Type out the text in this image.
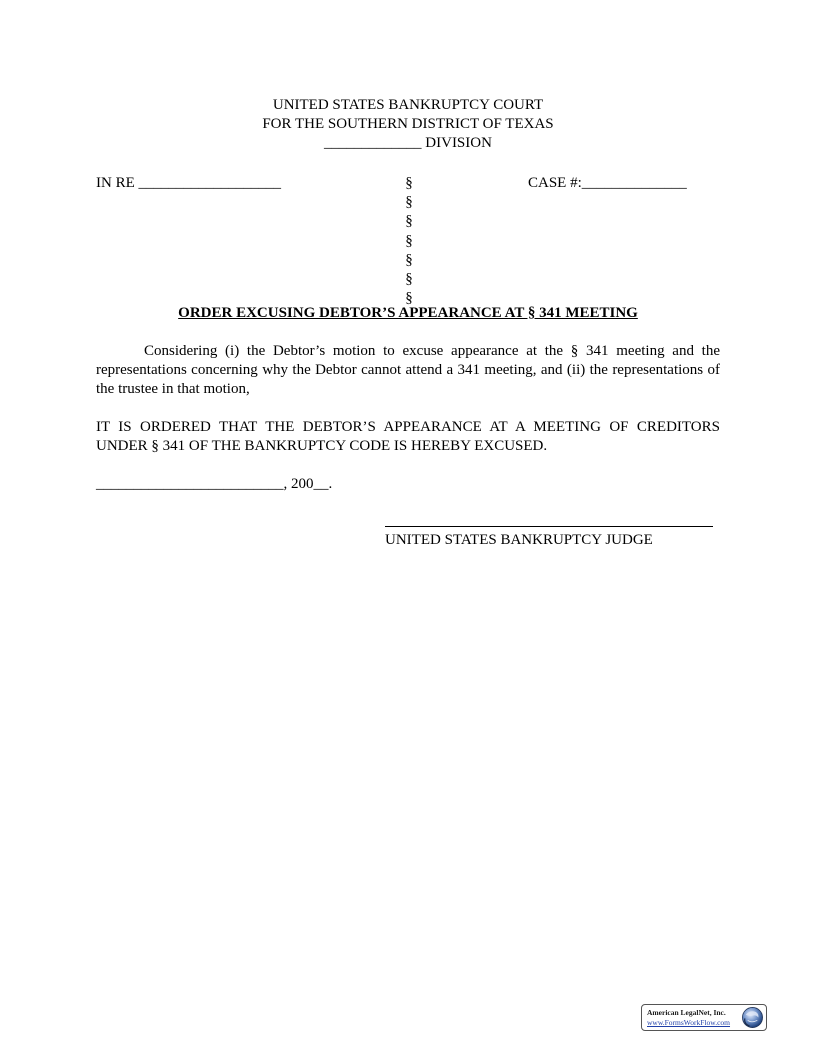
UNITED STATES BANKRUPTCY COURT
FOR THE SOUTHERN DISTRICT OF TEXAS
_____________ DIVISION
IN RE ___________________	§
§
§
§
§
§
§
CASE #:______________
ORDER EXCUSING DEBTOR’S APPEARANCE AT § 341 MEETING
Considering (i) the Debtor’s motion to excuse appearance at the § 341 meeting and the representations concerning why the Debtor cannot attend a 341 meeting, and (ii) the representations of the trustee in that motion,
IT IS ORDERED THAT THE DEBTOR’S APPEARANCE AT A MEETING OF CREDITORS UNDER § 341 OF THE BANKRUPTCY CODE IS HEREBY EXCUSED.
_________________________, 200__.
UNITED STATES BANKRUPTCY JUDGE
American LegalNet, Inc.
www.FormsWorkFlow.com
